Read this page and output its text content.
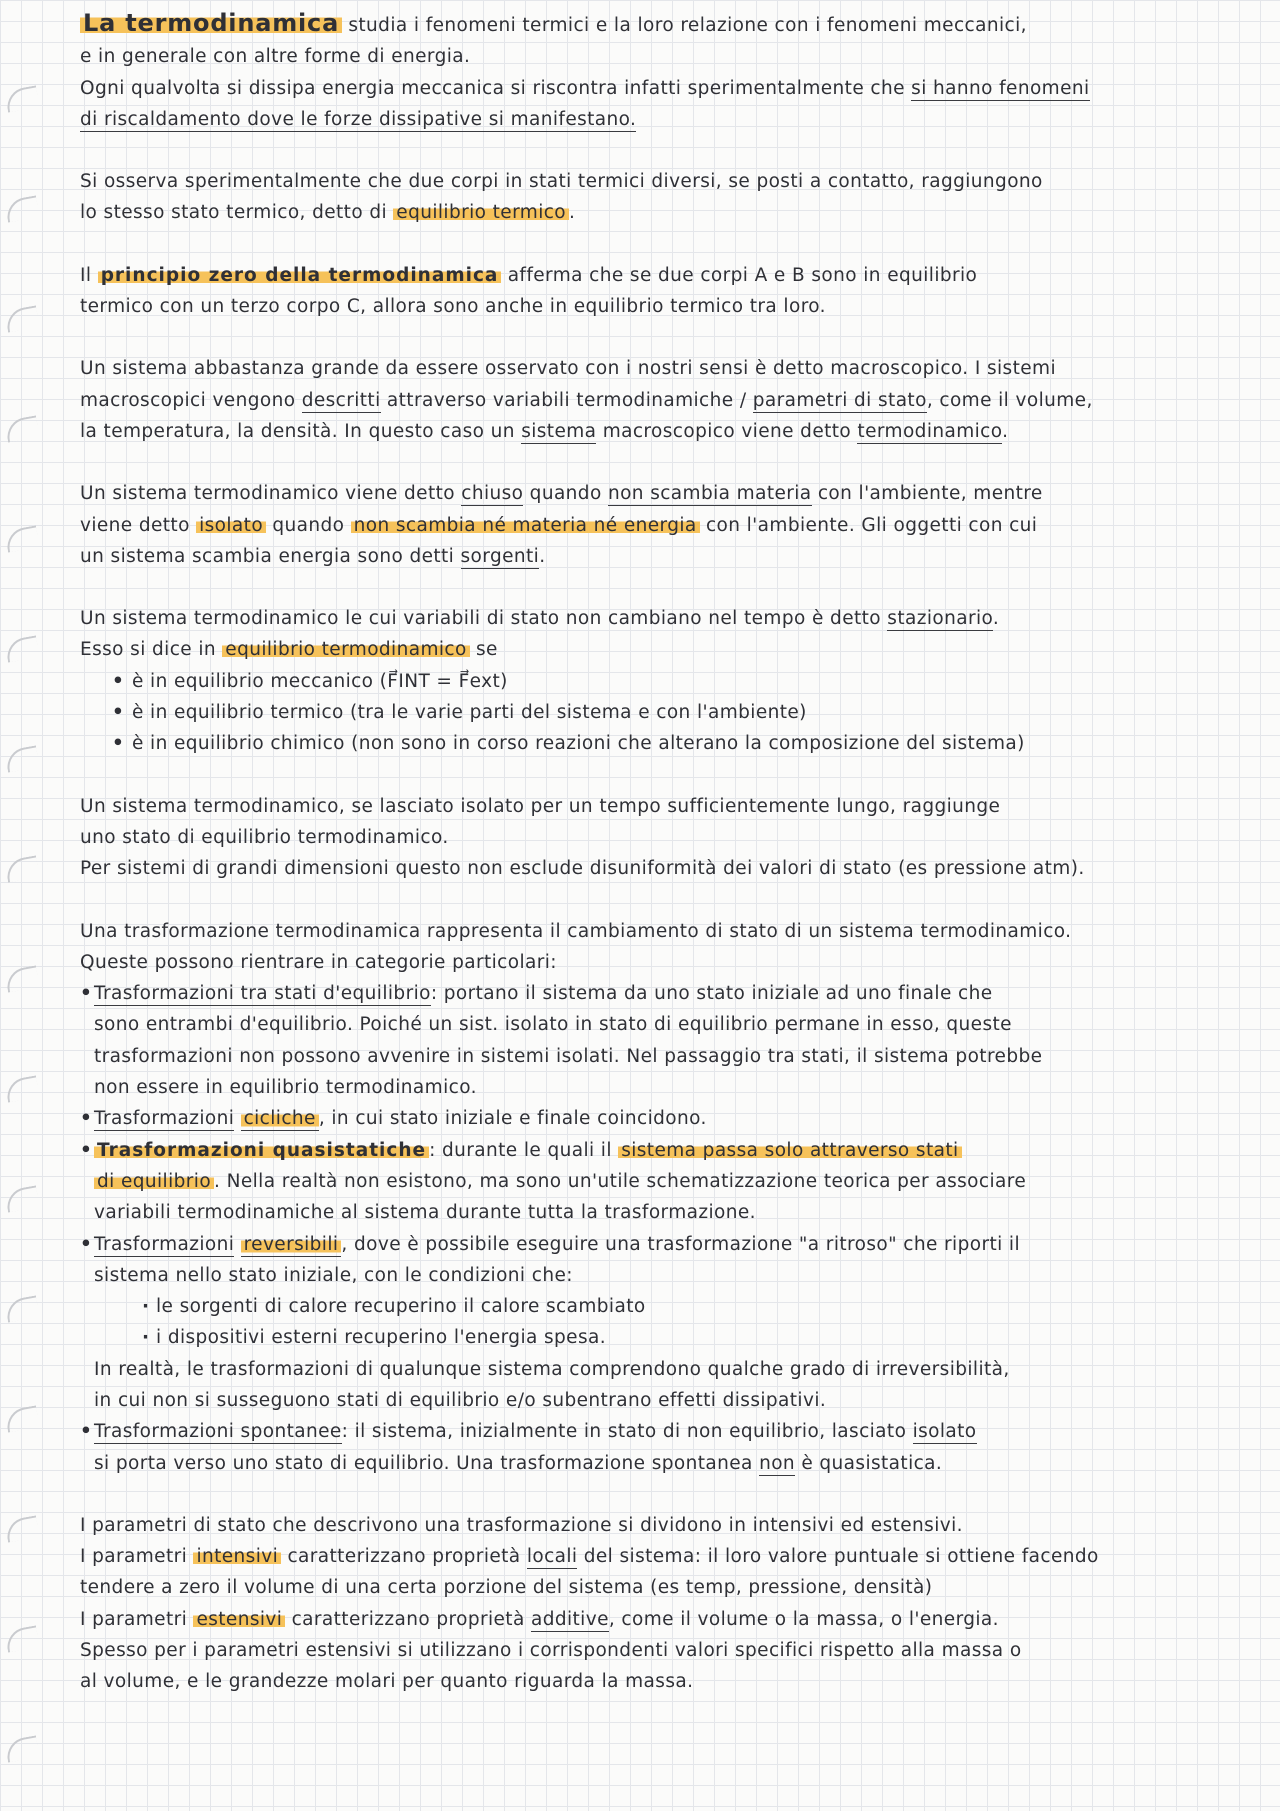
La termodinamica studia i fenomeni termici e la loro relazione con i fenomeni meccanici,
e in generale con altre forme di energia.
Ogni qualvolta si dissipa energia meccanica si riscontra infatti sperimentalmente che si hanno fenomeni
di riscaldamento dove le forze dissipative si manifestano.
Si osserva sperimentalmente che due corpi in stati termici diversi, se posti a contatto, raggiungono
lo stesso stato termico, detto di equilibrio termico .
Il principio zero della termodinamica afferma che se due corpi A e B sono in equilibrio
termico con un terzo corpo C, allora sono anche in equilibrio termico tra loro.
Un sistema abbastanza grande da essere osservato con i nostri sensi è detto macroscopico. I sistemi
macroscopici vengono descritti attraverso variabili termodinamiche / parametri di stato, come il volume,
la temperatura, la densità. In questo caso un sistema macroscopico viene detto termodinamico.
Un sistema termodinamico viene detto chiuso quando non scambia materia con l'ambiente, mentre
viene detto isolato quando non scambia né materia né energia con l'ambiente. Gli oggetti con cui
un sistema scambia energia sono detti sorgenti.
Un sistema termodinamico le cui variabili di stato non cambiano nel tempo è detto stazionario.
Esso si dice in equilibrio termodinamico se
• è in equilibrio meccanico (F⃗INT = F⃗ext)
• è in equilibrio termico (tra le varie parti del sistema e con l'ambiente)
• è in equilibrio chimico (non sono in corso reazioni che alterano la composizione del sistema)
Un sistema termodinamico, se lasciato isolato per un tempo sufficientemente lungo, raggiunge
uno stato di equilibrio termodinamico.
Per sistemi di grandi dimensioni questo non esclude disuniformità dei valori di stato (es pressione atm).
Una trasformazione termodinamica rappresenta il cambiamento di stato di un sistema termodinamico.
Queste possono rientrare in categorie particolari:
• Trasformazioni tra stati d'equilibrio: portano il sistema da uno stato iniziale ad uno finale che
sono entrambi d'equilibrio. Poiché un sist. isolato in stato di equilibrio permane in esso, queste
trasformazioni non possono avvenire in sistemi isolati. Nel passaggio tra stati, il sistema potrebbe
non essere in equilibrio termodinamico.
• Trasformazioni cicliche , in cui stato iniziale e finale coincidono.
• Trasformazioni quasistatiche : durante le quali il sistema passa solo attraverso stati
di equilibrio . Nella realtà non esistono, ma sono un'utile schematizzazione teorica per associare
variabili termodinamiche al sistema durante tutta la trasformazione.
• Trasformazioni reversibili , dove è possibile eseguire una trasformazione "a ritroso" che riporti il
sistema nello stato iniziale, con le condizioni che:
· le sorgenti di calore recuperino il calore scambiato
· i dispositivi esterni recuperino l'energia spesa.
In realtà, le trasformazioni di qualunque sistema comprendono qualche grado di irreversibilità,
in cui non si susseguono stati di equilibrio e/o subentrano effetti dissipativi.
• Trasformazioni spontanee: il sistema, inizialmente in stato di non equilibrio, lasciato isolato
si porta verso uno stato di equilibrio. Una trasformazione spontanea non è quasistatica.
I parametri di stato che descrivono una trasformazione si dividono in intensivi ed estensivi.
I parametri intensivi caratterizzano proprietà locali del sistema: il loro valore puntuale si ottiene facendo
tendere a zero il volume di una certa porzione del sistema (es temp, pressione, densità)
I parametri estensivi caratterizzano proprietà additive, come il volume o la massa, o l'energia.
Spesso per i parametri estensivi si utilizzano i corrispondenti valori specifici rispetto alla massa o
al volume, e le grandezze molari per quanto riguarda la massa.
